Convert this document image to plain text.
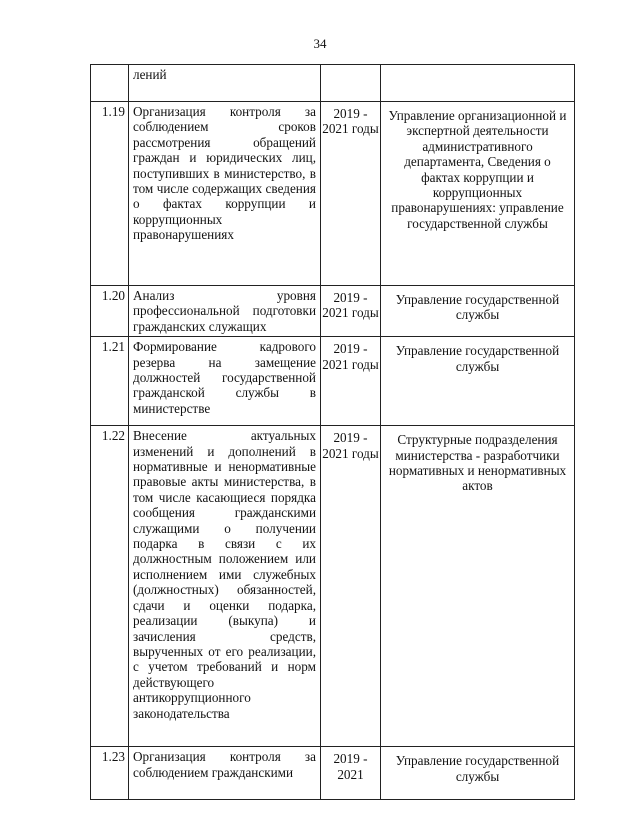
34
	лений		
1.19	Организация контроля за соблюдением сроков рассмотрения обращений граждан и юридических лиц, поступивших в министерство, в том числе содержащих сведения о фактах коррупции и коррупционных правонарушениях	2019 - 2021 годы	Управление организационной и экспертной деятельности административного департамента, Сведения о фактах коррупции и коррупционных правонарушениях: управление государственной службы
1.20	Анализ уровня профессиональной подготовки гражданских служащих	2019 - 2021 годы	Управление государственной службы
1.21	Формирование кадрового резерва на замещение должностей государственной гражданской службы в министерстве	2019 - 2021 годы	Управление государственной службы
1.22	Внесение актуальных изменений и дополнений в нормативные и ненормативные правовые акты министерства, в том числе касающиеся порядка сообщения гражданскими служащими о получении подарка в связи с их должностным положением или исполнением ими служебных (должностных) обязанностей, сдачи и оценки подарка, реализации (выкупа) и зачисления средств, вырученных от его реализации, с учетом требований и норм действующего антикоррупционного законодательства	2019 - 2021 годы	Структурные подразделения министерства - разработчики нормативных и ненормативных актов
1.23	Организация контроля за соблюдением гражданскими	2019 - 2021	Управление государственной службы
